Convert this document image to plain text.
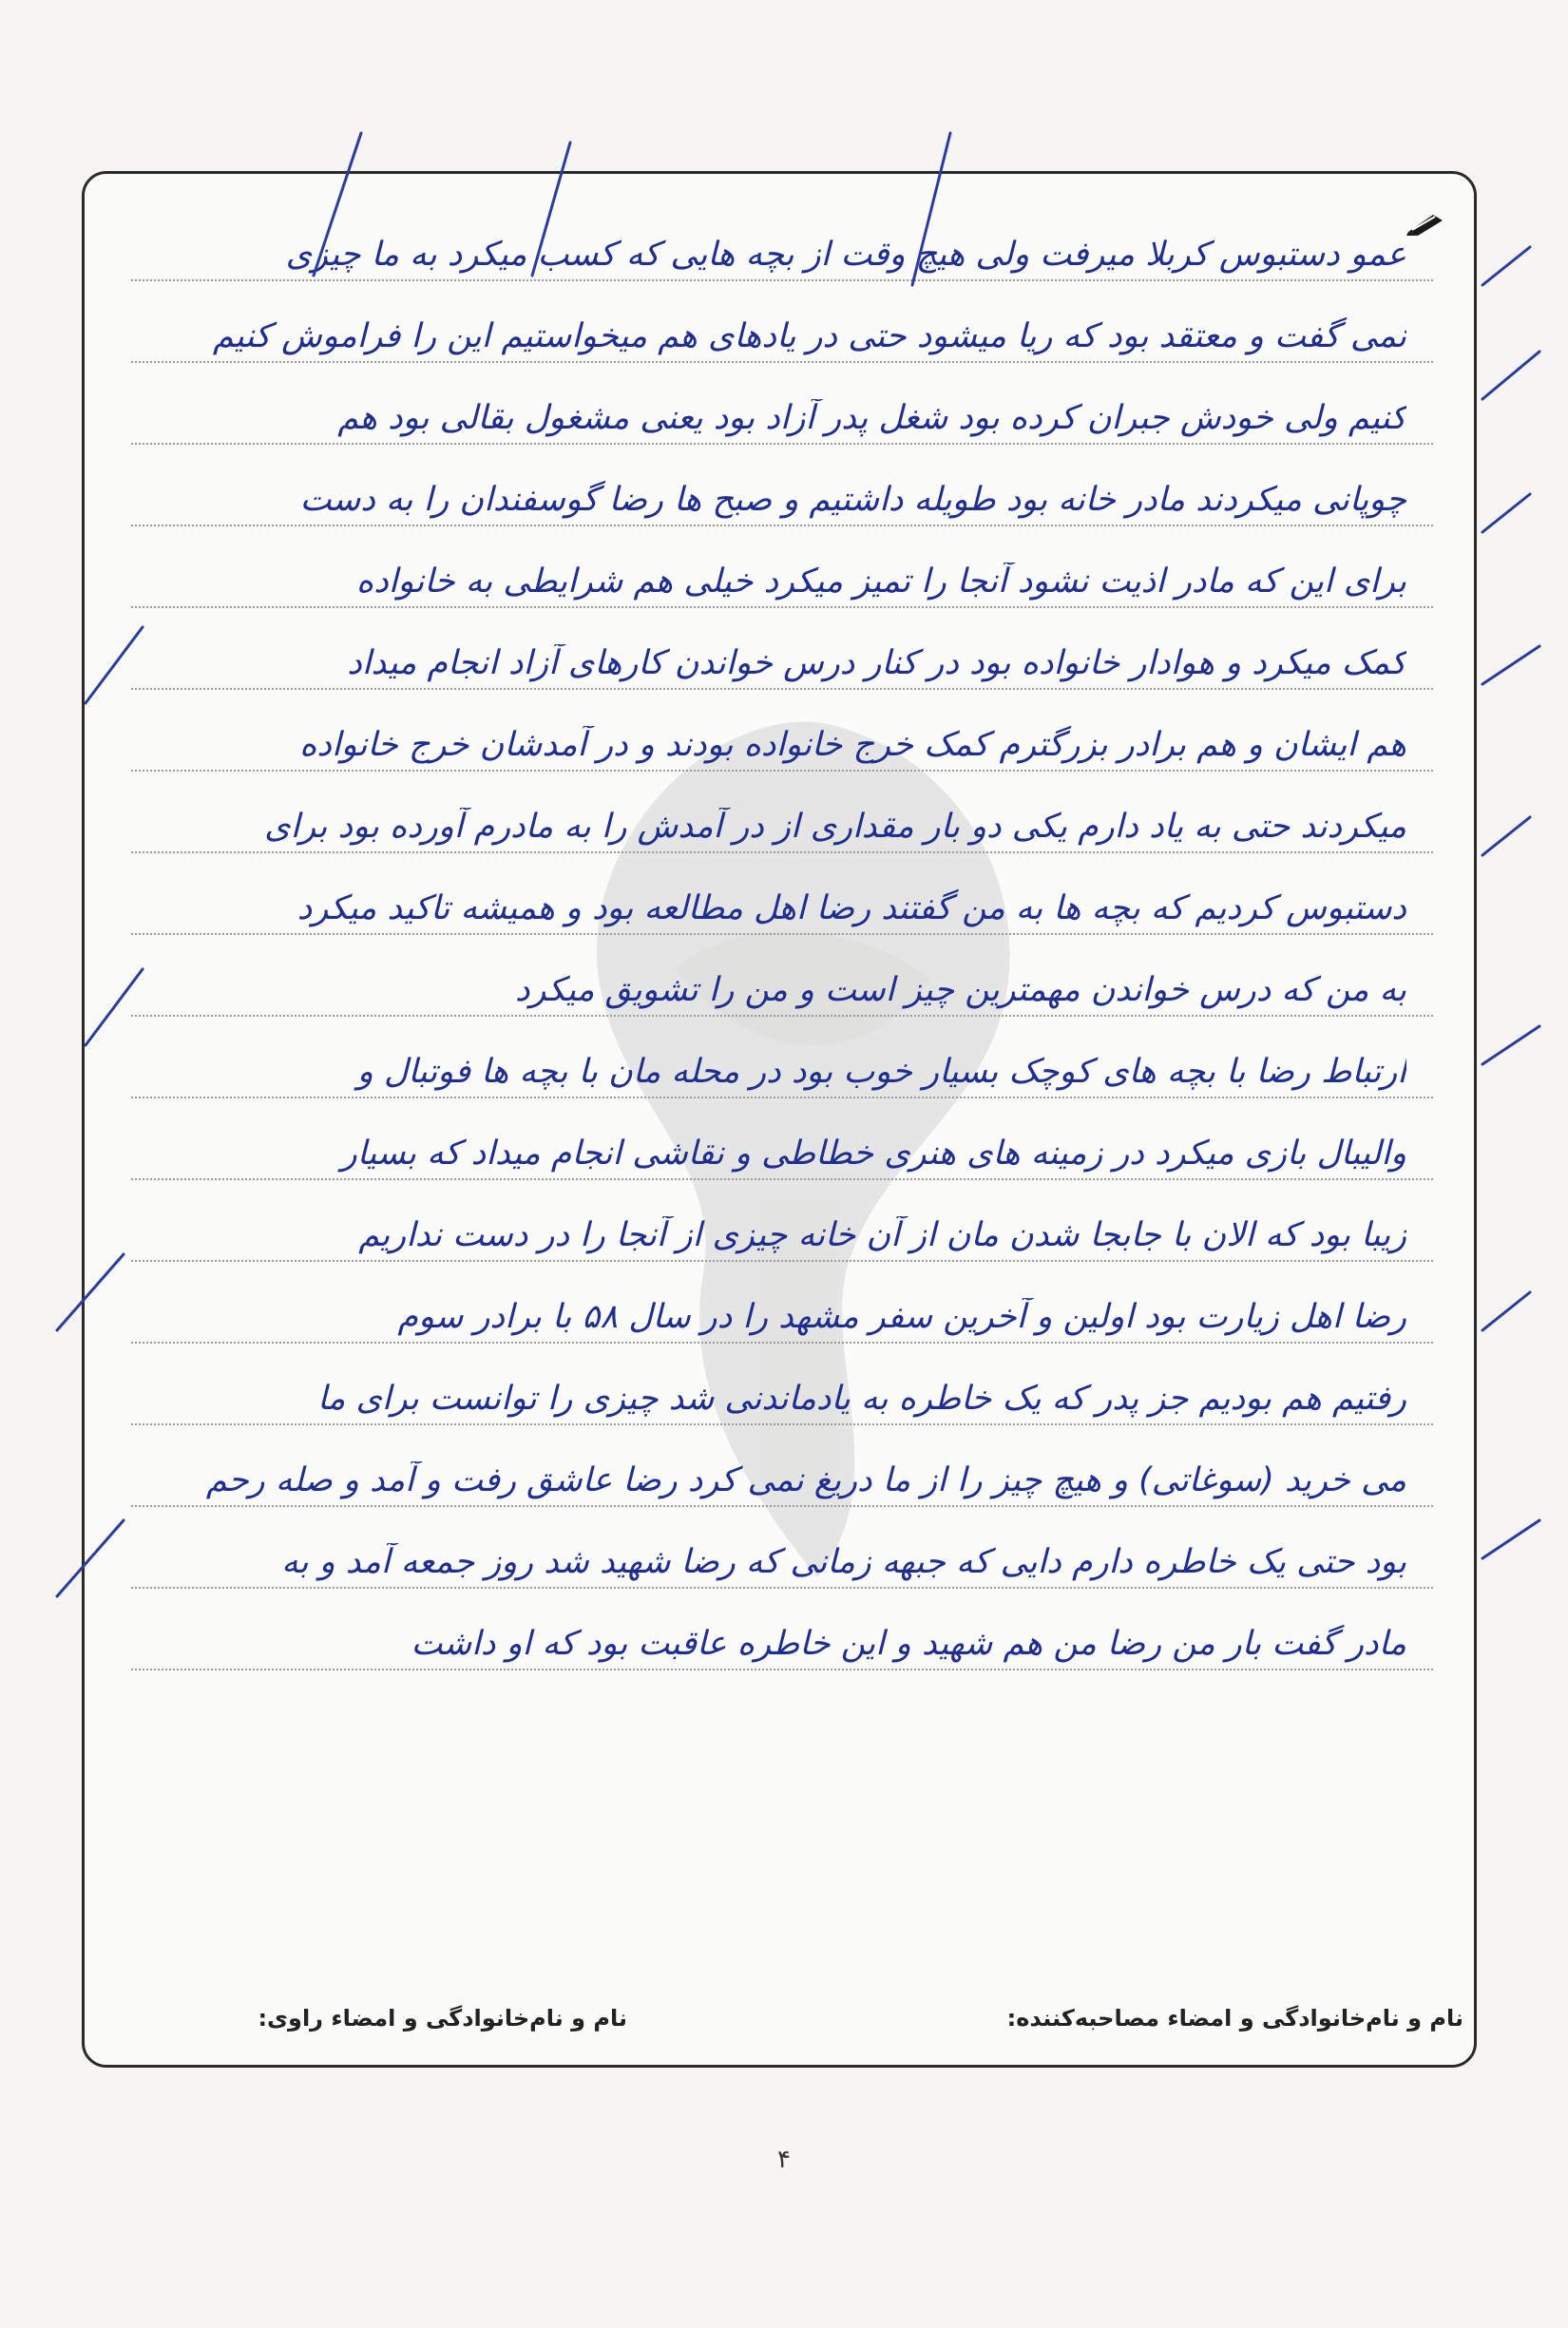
عمو دستبوس کربلا میرفت ولی هیچ وقت از بچه هایی که کسب میکرد به ما چیزی
نمی گفت و معتقد بود که ریا میشود حتی در یادهای هم میخواستیم این را فراموش کنیم
کنیم ولی خودش جبران کرده بود شغل پدر آزاد بود یعنی مشغول بقالی بود هم
چوپانی میکردند مادر خانه بود طویله داشتیم و صبح ها رضا گوسفندان را به دست
برای این که مادر اذیت نشود آنجا را تمیز میکرد خیلی هم شرایطی به خانواده
کمک میکرد و هوادار خانواده بود در کنار درس خواندن کارهای آزاد انجام میداد
هم ایشان و هم برادر بزرگترم کمک خرج خانواده بودند و در آمدشان خرج خانواده
میکردند حتی به یاد دارم یکی دو بار مقداری از در آمدش را به مادرم آورده بود برای
دستبوس کردیم که بچه ها به من گفتند رضا اهل مطالعه بود و همیشه تاکید میکرد
به من که درس خواندن مهمترین چیز است و من را تشویق میکرد
ارتباط رضا با بچه های کوچک بسیار خوب بود در محله مان با بچه ها فوتبال و
والیبال بازی میکرد در زمینه های هنری خطاطی و نقاشی انجام میداد که بسیار
زیبا بود که الان با جابجا شدن مان از آن خانه چیزی از آنجا را در دست نداریم
رضا اهل زیارت بود اولین و آخرین سفر مشهد را در سال ۵۸ با برادر سوم
رفتیم هم بودیم جز پدر که یک خاطره به یادماندنی شد چیزی را توانست برای ما
می خرید (سوغاتی) و هیچ چیز را از ما دریغ نمی کرد رضا عاشق رفت و آمد و صله رحم
بود حتی یک خاطره دارم دایی که جبهه زمانی که رضا شهید شد روز جمعه آمد و به
مادر گفت بار من رضا من هم شهید و این خاطره عاقبت بود که او داشت
نام و نام‌خانوادگی و امضاء مصاحبه‌کننده:
نام و نام‌خانوادگی و امضاء راوی:
۴
